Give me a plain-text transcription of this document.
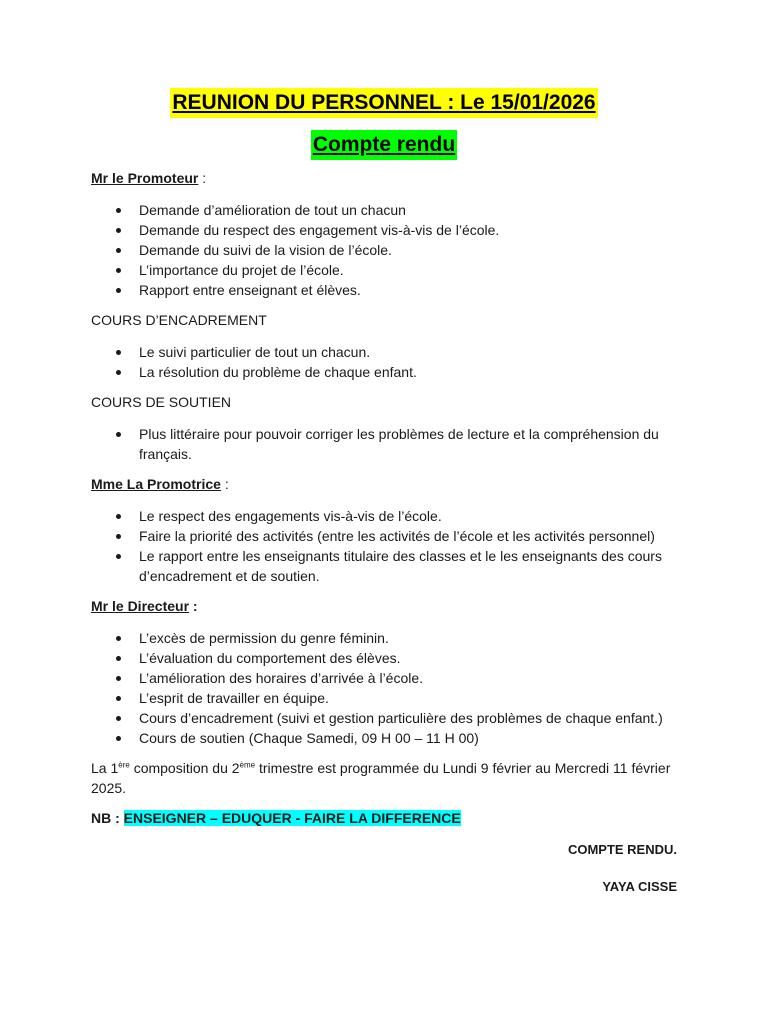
REUNION DU PERSONNEL : Le 15/01/2026
Compte rendu

Mr le Promoteur :

Demande d’amélioration de tout un chacun
Demande du respect des engagement vis-à-vis de l’école.
Demande du suivi de la vision de l’école.
L’importance du projet de l’école.
Rapport entre enseignant et élèves.

COURS D’ENCADREMENT

Le suivi particulier de tout un chacun.
La résolution du problème de chaque enfant.

COURS DE SOUTIEN

Plus littéraire pour pouvoir corriger les problèmes de lecture et la compréhension du français.

Mme La Promotrice :

Le respect des engagements vis-à-vis de l’école.
Faire la priorité des activités (entre les activités de l’école et les activités personnel)
Le rapport entre les enseignants titulaire des classes et le les enseignants des cours d’encadrement et de soutien.

Mr le Directeur :

L’excès de permission du genre féminin.
L’évaluation du comportement des élèves.
L’amélioration des horaires d’arrivée à l’école.
L’esprit de travailler en équipe.
Cours d’encadrement (suivi et gestion particulière des problèmes de chaque enfant.)
Cours de soutien (Chaque Samedi, 09 H 00 – 11 H 00)

La 1ère composition du 2ème trimestre est programmée du Lundi 9 février au Mercredi 11 février 2025.

NB : ENSEIGNER – EDUQUER - FAIRE LA DIFFERENCE

COMPTE RENDU.

YAYA CISSE
